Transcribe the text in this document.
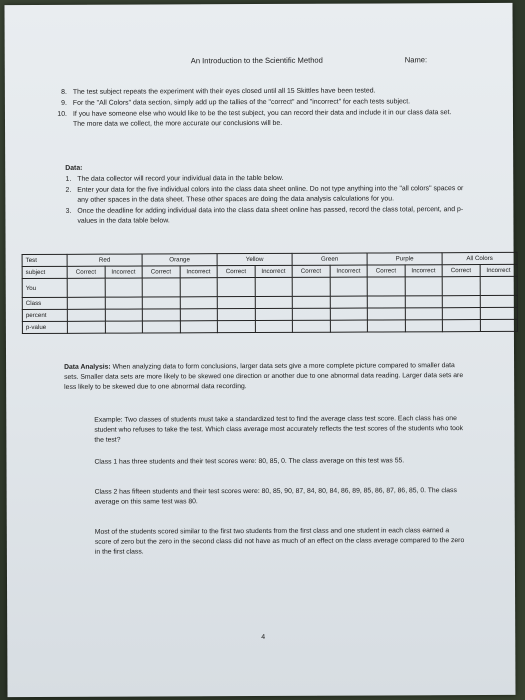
An Introduction to the Scientific Method	Name:
8. The test subject repeats the experiment with their eyes closed until all 15 Skittles have been tested.
9. For the "All Colors" data section, simply add up the tallies of the "correct" and "incorrect" for each tests subject.
10. If you have someone else who would like to be the test subject, you can record their data and include it in our class data set. The more data we collect, the more accurate our conclusions will be.
Data:
1. The data collector will record your individual data in the table below.
2. Enter your data for the five individual colors into the class data sheet online. Do not type anything into the "all colors" spaces or any other spaces in the data sheet. These other spaces are doing the data analysis calculations for you.
3. Once the deadline for adding individual data into the class data sheet online has passed, record the class total, percent, and p-values in the data table below.
Test	Red		Orange		Yellow		Green		Purple		All Colors	
subject	Correct	Incorrect	Correct	Incorrect	Correct	Incorrect	Correct	Incorrect	Correct	Incorrect	Correct	Incorrect
You												
Class												
percent												
p-value												

Data Analysis: When analyzing data to form conclusions, larger data sets give a more complete picture compared to smaller data sets. Smaller data sets are more likely to be skewed one direction or another due to one abnormal data reading. Larger data sets are less likely to be skewed due to one abnormal data recording.

Example: Two classes of students must take a standardized test to find the average class test score. Each class has one student who refuses to take the test. Which class average most accurately reflects the test scores of the students who took the test?

Class 1 has three students and their test scores were: 80, 85, 0. The class average on this test was 55.

Class 2 has fifteen students and their test scores were: 80, 85, 90, 87, 84, 80, 84, 86, 89, 85, 86, 87, 86, 85, 0. The class average on this same test was 80.

Most of the students scored similar to the first two students from the first class and one student in each class earned a score of zero but the zero in the second class did not have as much of an effect on the class average compared to the zero in the first class.

4
